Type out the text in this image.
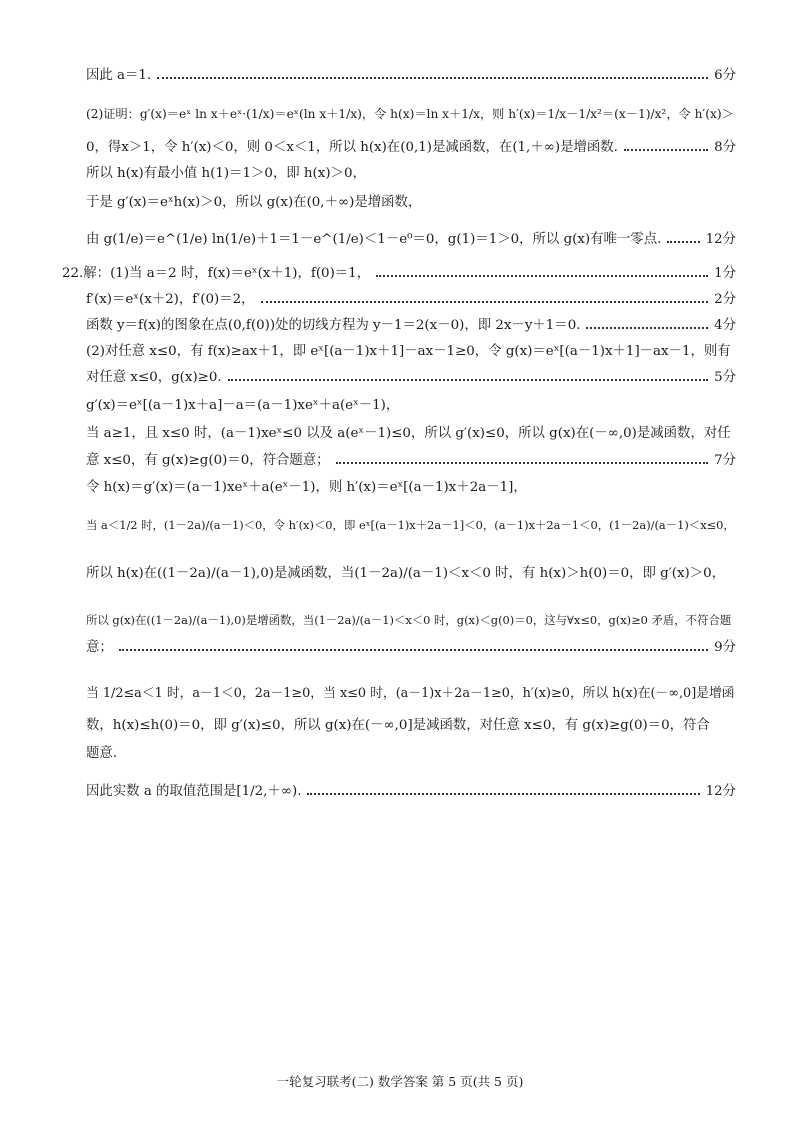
因此 a＝1.	6分
(2)证明：g′(x)＝eˣ ln x＋eˣ·(1/x)＝eˣ(ln x＋1/x)，令 h(x)＝ln x＋1/x，则 h′(x)＝1/x－1/x²＝(x－1)/x²，令 h′(x)＞
0，得x＞1，令 h′(x)＜0，则 0＜x＜1，所以 h(x)在(0,1)是减函数，在(1,＋∞)是增函数.	8分
所以 h(x)有最小值 h(1)＝1＞0，即 h(x)＞0，
于是 g′(x)＝eˣh(x)＞0，所以 g(x)在(0,＋∞)是增函数，
由 g(1/e)＝e^(1/e) ln(1/e)＋1＝1－e^(1/e)＜1－e⁰＝0，g(1)＝1＞0，所以 g(x)有唯一零点.	12分
22.解：(1)当 a＝2 时，f(x)＝eˣ(x＋1)，f(0)＝1，	1分
f′(x)＝eˣ(x＋2)，f′(0)＝2，	2分
函数 y＝f(x)的图象在点(0,f(0))处的切线方程为 y－1＝2(x－0)，即 2x－y＋1＝0.	4分
(2)对任意 x≤0，有 f(x)≥ax＋1，即 eˣ[(a－1)x＋1]－ax－1≥0，令 g(x)＝eˣ[(a－1)x＋1]－ax－1，则有
对任意 x≤0，g(x)≥0.	5分
g′(x)＝eˣ[(a－1)x＋a]－a＝(a－1)xeˣ＋a(eˣ－1)，
当 a≥1，且 x≤0 时，(a－1)xeˣ≤0 以及 a(eˣ－1)≤0，所以 g′(x)≤0，所以 g(x)在(－∞,0)是减函数，对任
意 x≤0，有 g(x)≥g(0)＝0，符合题意；	7分
令 h(x)＝g′(x)＝(a－1)xeˣ＋a(eˣ－1)，则 h′(x)＝eˣ[(a－1)x＋2a－1]，
当 a＜1/2 时，(1－2a)/(a－1)＜0，令 h′(x)＜0，即 eˣ[(a－1)x＋2a－1]＜0，(a－1)x＋2a－1＜0，(1－2a)/(a－1)＜x≤0，
所以 h(x)在((1－2a)/(a－1),0)是减函数，当(1－2a)/(a－1)＜x＜0 时，有 h(x)＞h(0)＝0，即 g′(x)＞0，
所以 g(x)在((1－2a)/(a－1),0)是增函数，当(1－2a)/(a－1)＜x＜0 时，g(x)＜g(0)＝0，这与∀x≤0，g(x)≥0 矛盾，不符合题
意；	9分
当 1/2≤a＜1 时，a－1＜0，2a－1≥0，当 x≤0 时，(a－1)x＋2a－1≥0，h′(x)≥0，所以 h(x)在(－∞,0]是增函
数，h(x)≤h(0)＝0，即 g′(x)≤0，所以 g(x)在(－∞,0]是减函数，对任意 x≤0，有 g(x)≥g(0)＝0，符合
题意.
因此实数 a 的取值范围是[1/2,＋∞).	12分
一轮复习联考(二) 数学答案 第 5 页(共 5 页)
